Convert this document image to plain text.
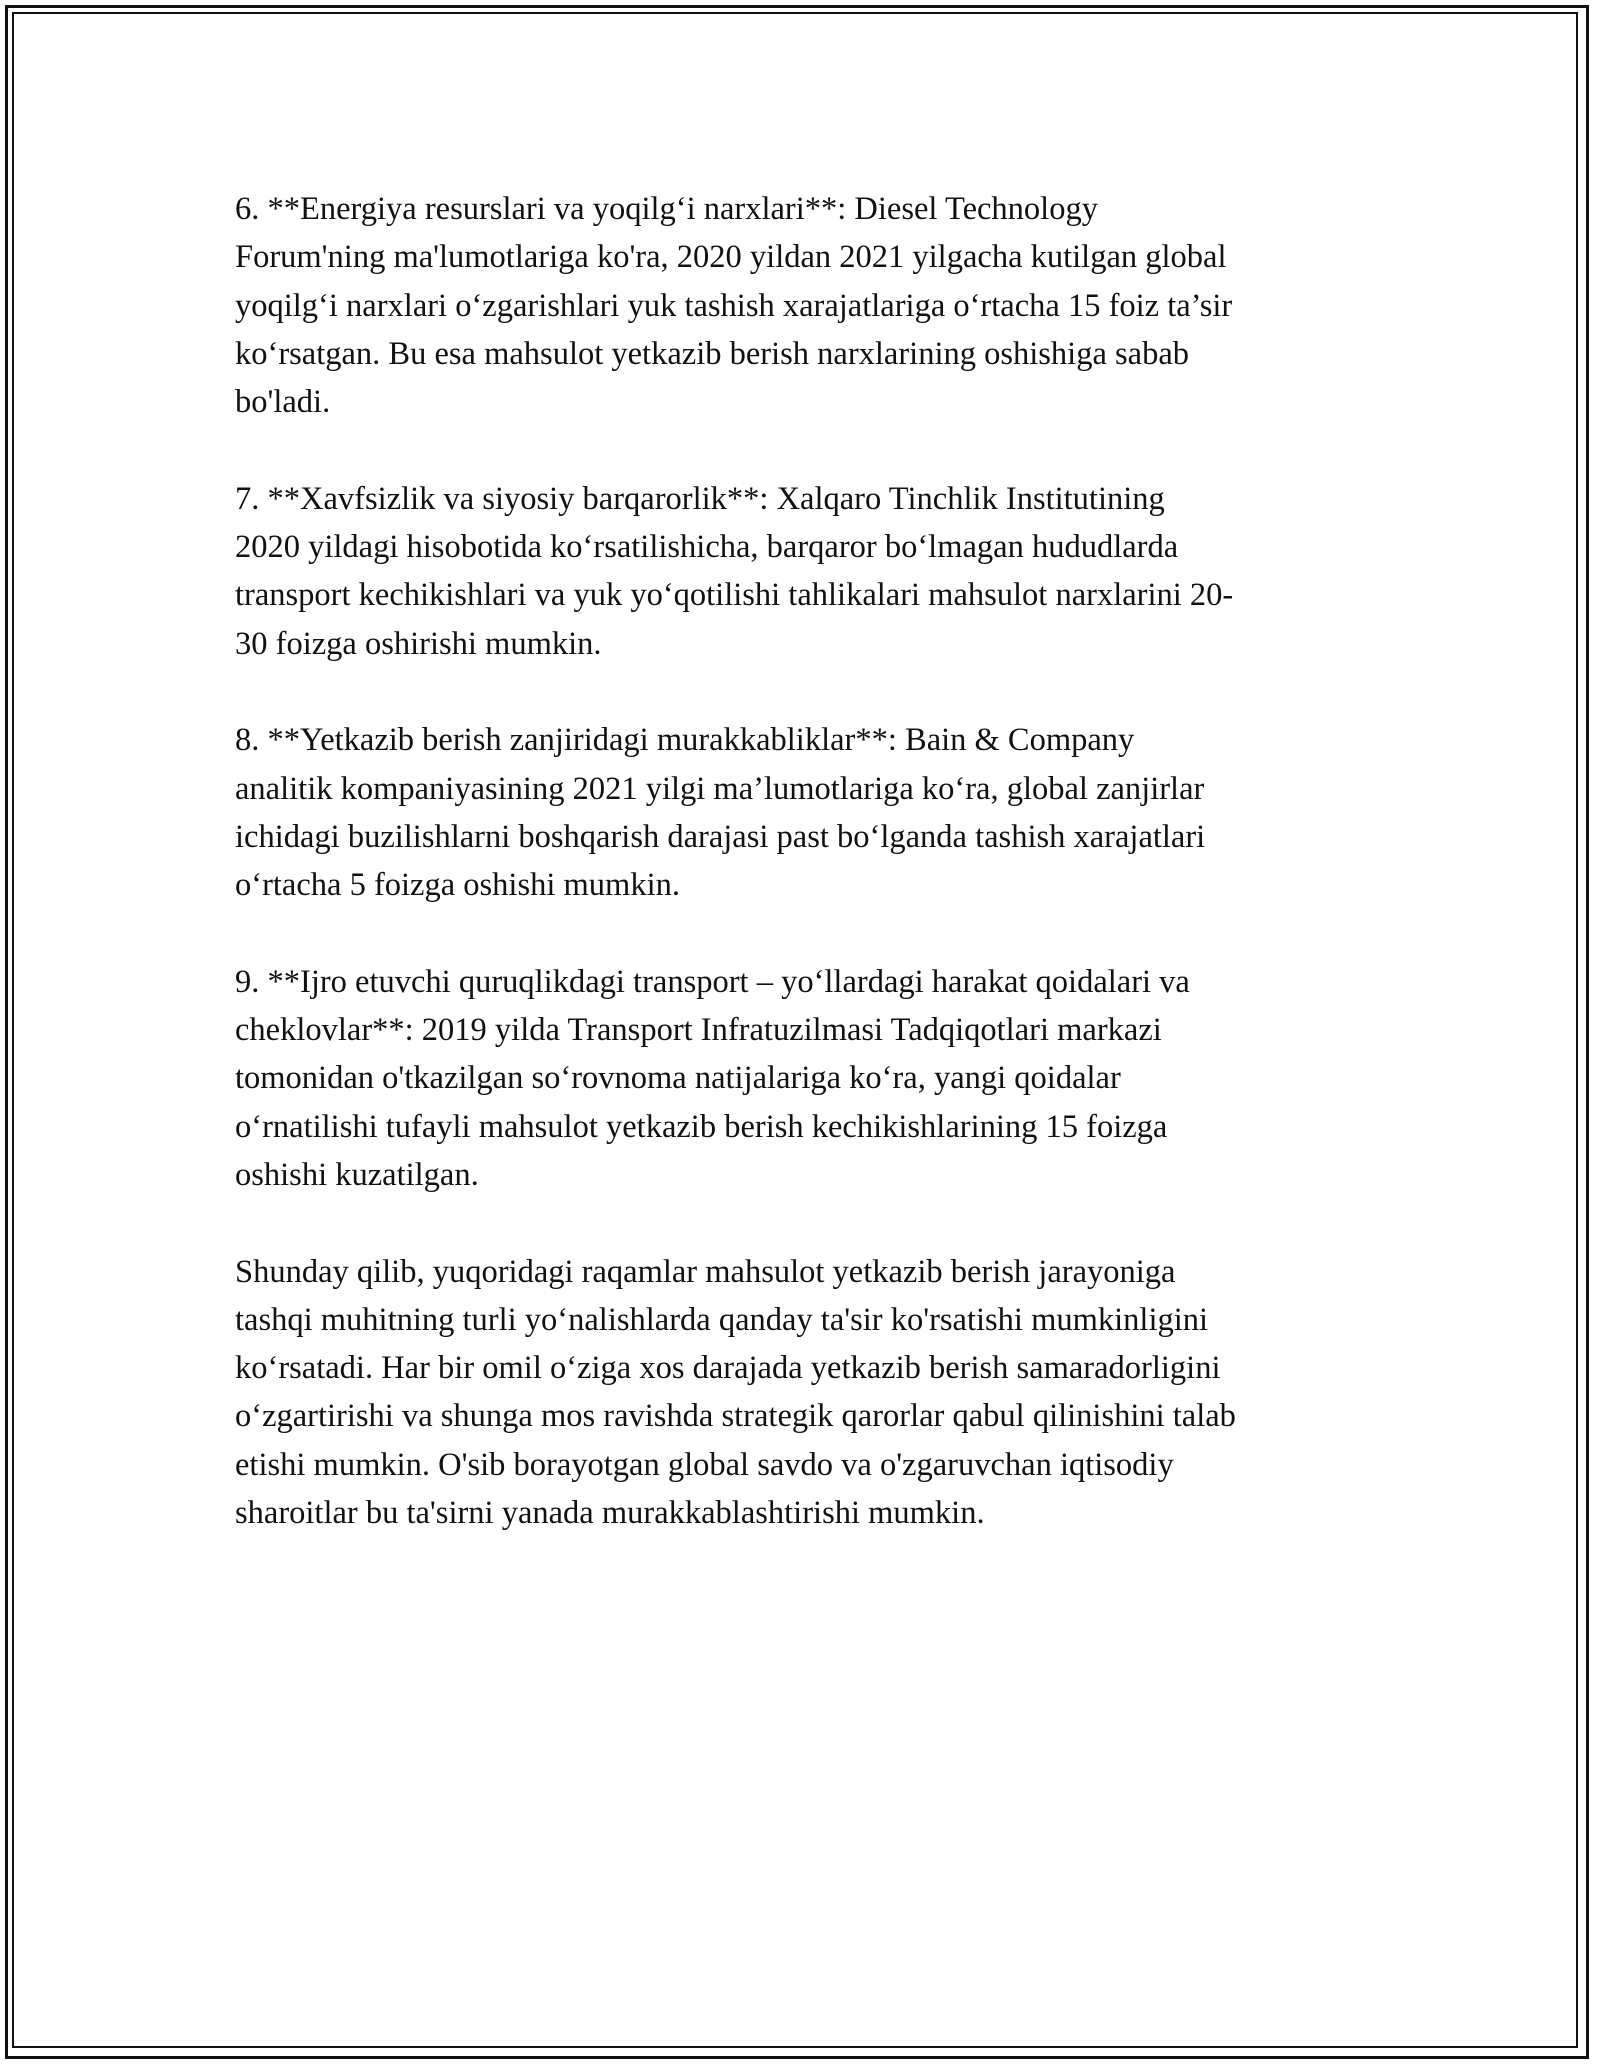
6. **Energiya resurslari va yoqilg‘i narxlari**: Diesel Technology
Forum'ning ma'lumotlariga ko'ra, 2020 yildan 2021 yilgacha kutilgan global
yoqilg‘i narxlari o‘zgarishlari yuk tashish xarajatlariga o‘rtacha 15 foiz ta’sir
ko‘rsatgan. Bu esa mahsulot yetkazib berish narxlarining oshishiga sabab
bo'ladi.

7. **Xavfsizlik va siyosiy barqarorlik**: Xalqaro Tinchlik Institutining
2020 yildagi hisobotida ko‘rsatilishicha, barqaror bo‘lmagan hududlarda
transport kechikishlari va yuk yo‘qotilishi tahlikalari mahsulot narxlarini 20-
30 foizga oshirishi mumkin.

8. **Yetkazib berish zanjiridagi murakkabliklar**: Bain & Company
analitik kompaniyasining 2021 yilgi ma’lumotlariga ko‘ra, global zanjirlar
ichidagi buzilishlarni boshqarish darajasi past bo‘lganda tashish xarajatlari
o‘rtacha 5 foizga oshishi mumkin.

9. **Ijro etuvchi quruqlikdagi transport – yo‘llardagi harakat qoidalari va
cheklovlar**: 2019 yilda Transport Infratuzilmasi Tadqiqotlari markazi
tomonidan o'tkazilgan so‘rovnoma natijalariga ko‘ra, yangi qoidalar
o‘rnatilishi tufayli mahsulot yetkazib berish kechikishlarining 15 foizga
oshishi kuzatilgan.

Shunday qilib, yuqoridagi raqamlar mahsulot yetkazib berish jarayoniga
tashqi muhitning turli yo‘nalishlarda qanday ta'sir ko'rsatishi mumkinligini
ko‘rsatadi. Har bir omil o‘ziga xos darajada yetkazib berish samaradorligini
o‘zgartirishi va shunga mos ravishda strategik qarorlar qabul qilinishini talab
etishi mumkin. O'sib borayotgan global savdo va o'zgaruvchan iqtisodiy
sharoitlar bu ta'sirni yanada murakkablashtirishi mumkin.
